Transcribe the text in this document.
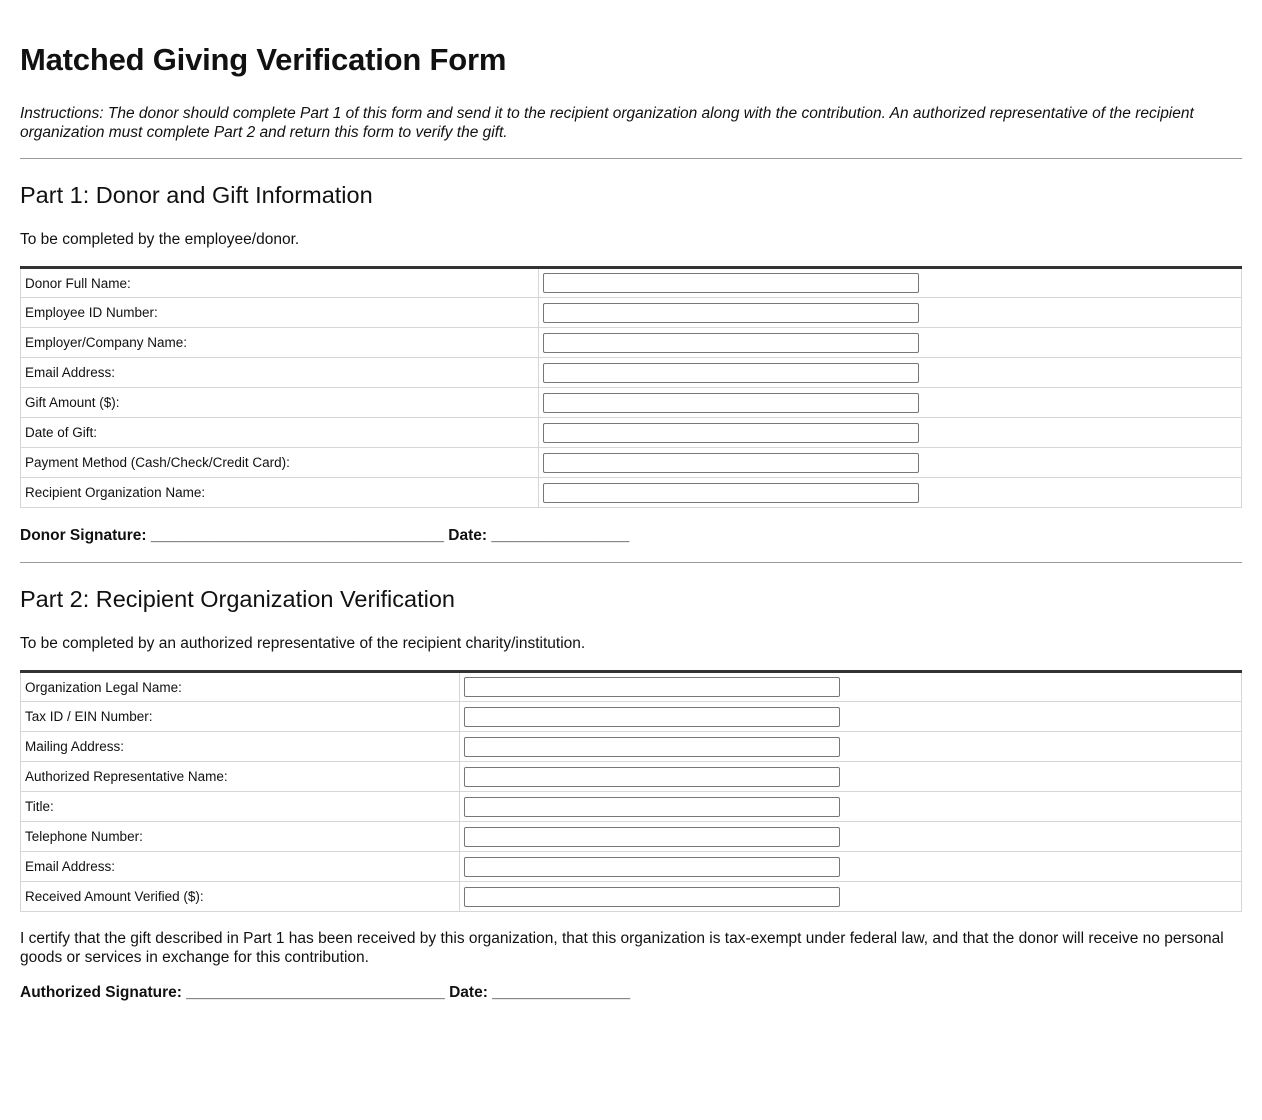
Matched Giving Verification Form

Instructions: The donor should complete Part 1 of this form and send it to the recipient organization along with the contribution. An authorized representative of the recipient organization must complete Part 2 and return this form to verify the gift.

Part 1: Donor and Gift Information

To be completed by the employee/donor.

Donor Full Name:	

Employee ID Number:	

Employer/Company Name:	

Email Address:	

Gift Amount ($):	

Date of Gift:	

Payment Method (Cash/Check/Credit Card):	

Recipient Organization Name:	

Donor Signature: __________________________________ Date: ________________

Part 2: Recipient Organization Verification

To be completed by an authorized representative of the recipient charity/institution.

Organization Legal Name:	

Tax ID / EIN Number:	

Mailing Address:	

Authorized Representative Name:	

Title:	

Telephone Number:	

Email Address:	

Received Amount Verified ($):	

I certify that the gift described in Part 1 has been received by this organization, that this organization is tax-exempt under federal law, and that the donor will receive no personal goods or services in exchange for this contribution.

Authorized Signature: ______________________________ Date: ________________
